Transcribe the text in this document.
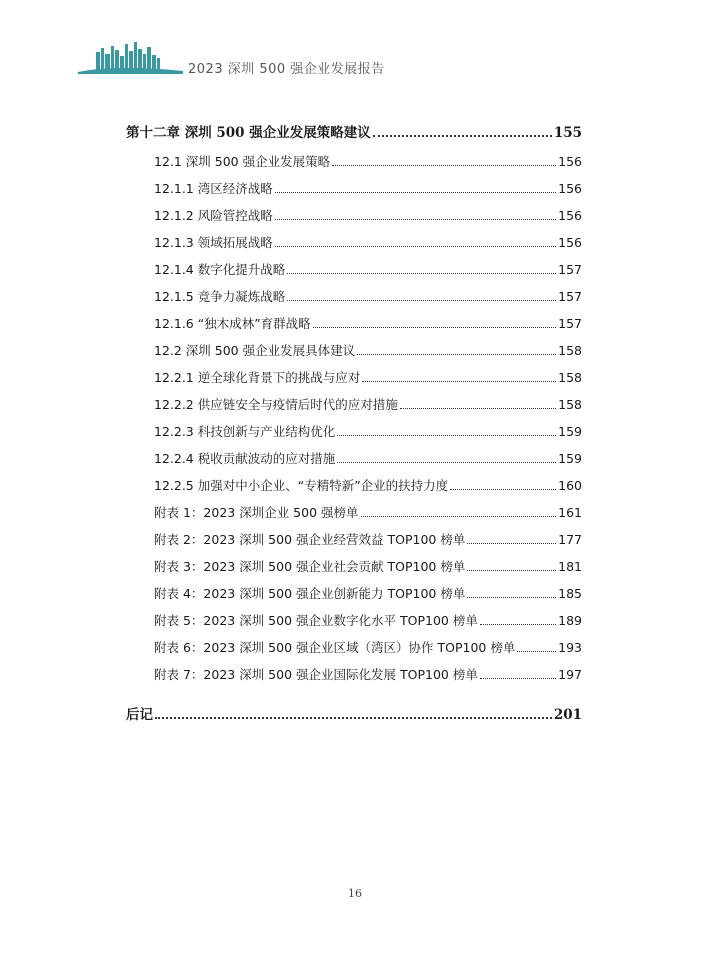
2023 深圳 500 强企业发展报告
第十二章 深圳 500 强企业发展策略建议	155
12.1 深圳 500 强企业发展策略	156
12.1.1 湾区经济战略	156
12.1.2 风险管控战略	156
12.1.3 领域拓展战略	156
12.1.4 数字化提升战略	157
12.1.5 竞争力凝炼战略	157
12.1.6 “独木成林”育群战略	157
12.2 深圳 500 强企业发展具体建议	158
12.2.1 逆全球化背景下的挑战与应对	158
12.2.2 供应链安全与疫情后时代的应对措施	158
12.2.3 科技创新与产业结构优化	159
12.2.4 税收贡献波动的应对措施	159
12.2.5 加强对中小企业、“专精特新”企业的扶持力度	160
附表 1：2023 深圳企业 500 强榜单	161
附表 2：2023 深圳 500 强企业经营效益 TOP100 榜单	177
附表 3：2023 深圳 500 强企业社会贡献 TOP100 榜单	181
附表 4：2023 深圳 500 强企业创新能力 TOP100 榜单	185
附表 5：2023 深圳 500 强企业数字化水平 TOP100 榜单	189
附表 6：2023 深圳 500 强企业区域（湾区）协作 TOP100 榜单	193
附表 7：2023 深圳 500 强企业国际化发展 TOP100 榜单	197
后记	201
16
